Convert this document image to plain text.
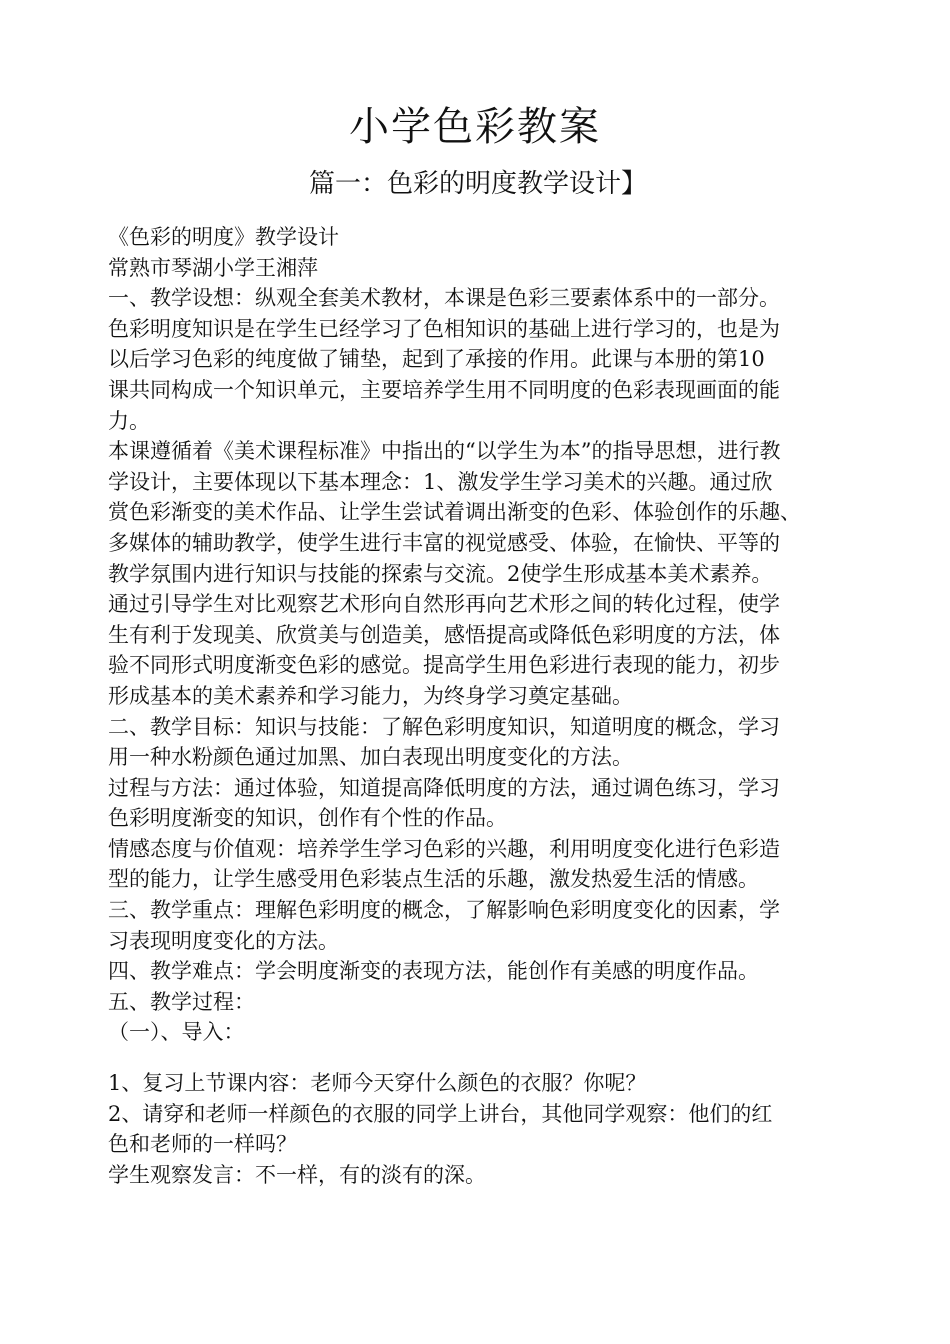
小学色彩教案
篇一：色彩的明度教学设计】
《色彩的明度》教学设计
常熟市琴湖小学王湘萍
一、教学设想：纵观全套美术教材，本课是色彩三要素体系中的一部分。
色彩明度知识是在学生已经学习了色相知识的基础上进行学习的，也是为
以后学习色彩的纯度做了铺垫，起到了承接的作用。此课与本册的第10
课共同构成一个知识单元，主要培养学生用不同明度的色彩表现画面的能
力。
本课遵循着《美术课程标准》中指出的“以学生为本”的指导思想，进行教
学设计，主要体现以下基本理念：1、激发学生学习美术的兴趣。通过欣
赏色彩渐变的美术作品、让学生尝试着调出渐变的色彩、体验创作的乐趣、
多媒体的辅助教学，使学生进行丰富的视觉感受、体验，在愉快、平等的
教学氛围内进行知识与技能的探索与交流。2使学生形成基本美术素养。
通过引导学生对比观察艺术形向自然形再向艺术形之间的转化过程，使学
生有利于发现美、欣赏美与创造美，感悟提高或降低色彩明度的方法，体
验不同形式明度渐变色彩的感觉。提高学生用色彩进行表现的能力，初步
形成基本的美术素养和学习能力，为终身学习奠定基础。
二、教学目标：知识与技能：了解色彩明度知识，知道明度的概念，学习
用一种水粉颜色通过加黑、加白表现出明度变化的方法。
过程与方法：通过体验，知道提高降低明度的方法，通过调色练习，学习
色彩明度渐变的知识，创作有个性的作品。
情感态度与价值观：培养学生学习色彩的兴趣，利用明度变化进行色彩造
型的能力，让学生感受用色彩装点生活的乐趣，激发热爱生活的情感。
三、教学重点：理解色彩明度的概念，了解影响色彩明度变化的因素，学
习表现明度变化的方法。
四、教学难点：学会明度渐变的表现方法，能创作有美感的明度作品。
五、教学过程：
（一）、导入：
1、复习上节课内容：老师今天穿什么颜色的衣服？你呢？
2、请穿和老师一样颜色的衣服的同学上讲台，其他同学观察：他们的红
色和老师的一样吗？
学生观察发言：不一样，有的淡有的深。
